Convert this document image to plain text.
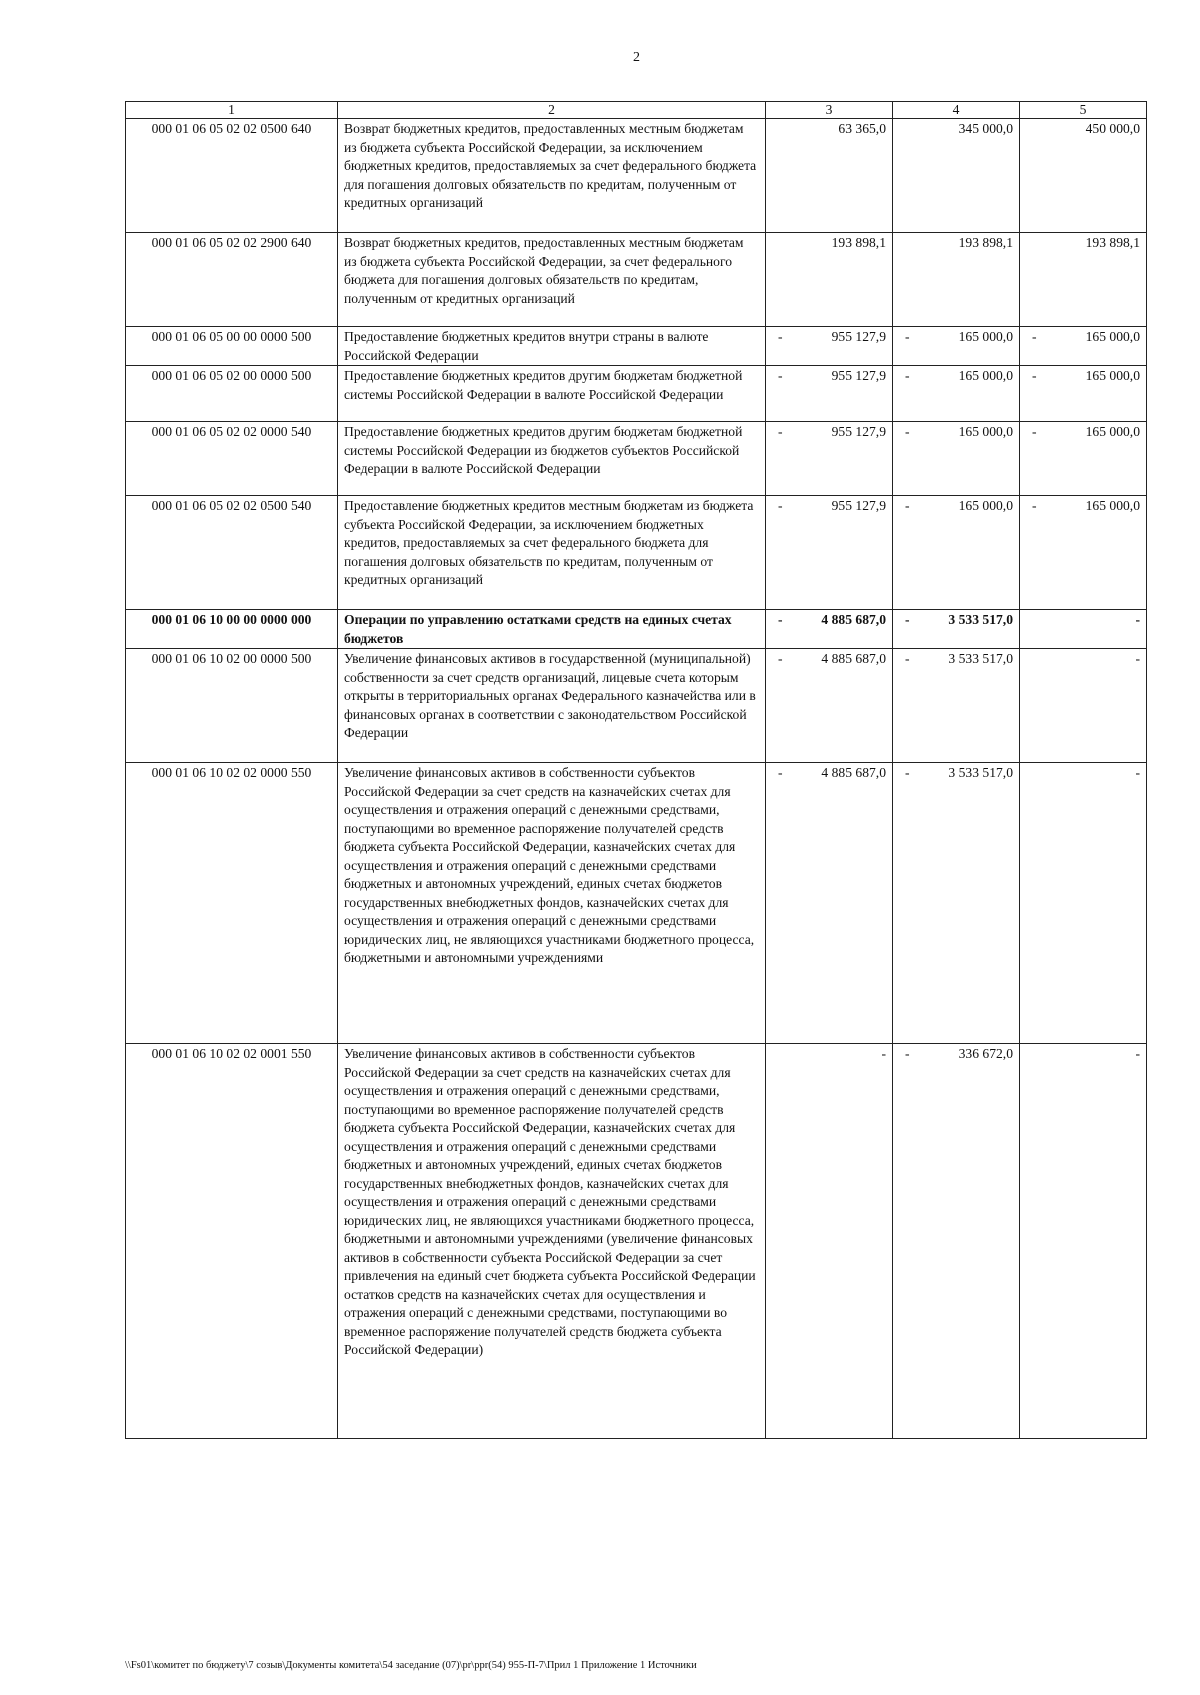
2
1	2	3	4	5
000 01 06 05 02 02 0500 640	Возврат бюджетных кредитов, предоставленных местным бюджетам из бюджета субъекта Российской Федерации, за исключением бюджетных кредитов, предоставляемых за счет федерального бюджета для погашения долговых обязательств по кредитам, полученным от кредитных организаций	63 365,0	345 000,0	450 000,0
000 01 06 05 02 02 2900 640	Возврат бюджетных кредитов, предоставленных местным бюджетам из бюджета субъекта Российской Федерации, за счет федерального бюджета для погашения долговых обязательств по кредитам, полученным от кредитных организаций	193 898,1	193 898,1	193 898,1
000 01 06 05 00 00 0000 500	Предоставление бюджетных кредитов внутри страны в валюте Российской Федерации	- 955 127,9	- 165 000,0	- 165 000,0
000 01 06 05 02 00 0000 500	Предоставление бюджетных кредитов другим бюджетам бюджетной системы Российской Федерации в валюте Российской Федерации	- 955 127,9	- 165 000,0	- 165 000,0
000 01 06 05 02 02 0000 540	Предоставление бюджетных кредитов другим бюджетам бюджетной системы Российской Федерации из бюджетов субъектов Российской Федерации в валюте Российской Федерации	- 955 127,9	- 165 000,0	- 165 000,0
000 01 06 05 02 02 0500 540	Предоставление бюджетных кредитов местным бюджетам из бюджета субъекта Российской Федерации, за исключением бюджетных кредитов, предоставляемых за счет федерального бюджета для погашения долговых обязательств по кредитам, полученным от кредитных организаций	- 955 127,9	- 165 000,0	- 165 000,0
000 01 06 10 00 00 0000 000	Операции по управлению остатками средств на единых счетах бюджетов	- 4 885 687,0	- 3 533 517,0	-
000 01 06 10 02 00 0000 500	Увеличение финансовых активов в государственной (муниципальной) собственности за счет средств организаций, лицевые счета которым открыты в территориальных органах Федерального казначейства или в финансовых органах в соответствии с законодательством Российской Федерации	- 4 885 687,0	- 3 533 517,0	-
000 01 06 10 02 02 0000 550	Увеличение финансовых активов в собственности субъектов Российской Федерации за счет средств на казначейских счетах для осуществления и отражения операций с денежными средствами, поступающими во временное распоряжение получателей средств бюджета субъекта Российской Федерации, казначейских счетах для осуществления и отражения операций с денежными средствами бюджетных и автономных учреждений, единых счетах бюджетов государственных внебюджетных фондов, казначейских счетах для осуществления и отражения операций с денежными средствами юридических лиц, не являющихся участниками бюджетного процесса, бюджетными и автономными учреждениями	- 4 885 687,0	- 3 533 517,0	-
000 01 06 10 02 02 0001 550	Увеличение финансовых активов в собственности субъектов Российской Федерации за счет средств на казначейских счетах для осуществления и отражения операций с денежными средствами, поступающими во временное распоряжение получателей средств бюджета субъекта Российской Федерации, казначейских счетах для осуществления и отражения операций с денежными средствами бюджетных и автономных учреждений, единых счетах бюджетов государственных внебюджетных фондов, казначейских счетах для осуществления и отражения операций с денежными средствами юридических лиц, не являющихся участниками бюджетного процесса, бюджетными и автономными учреждениями (увеличение финансовых активов в собственности субъекта Российской Федерации за счет привлечения на единый счет бюджета субъекта Российской Федерации остатков средств на казначейских счетах для осуществления и отражения операций с денежными средствами, поступающими во временное распоряжение получателей средств бюджета субъекта Российской Федерации)	-	- 336 672,0	-
\\Fs01\комитет по бюджету\7 созыв\Документы комитета\54 заседание (07)\pr\ppr(54) 955-П-7\Прил 1 Приложение 1 Источники
